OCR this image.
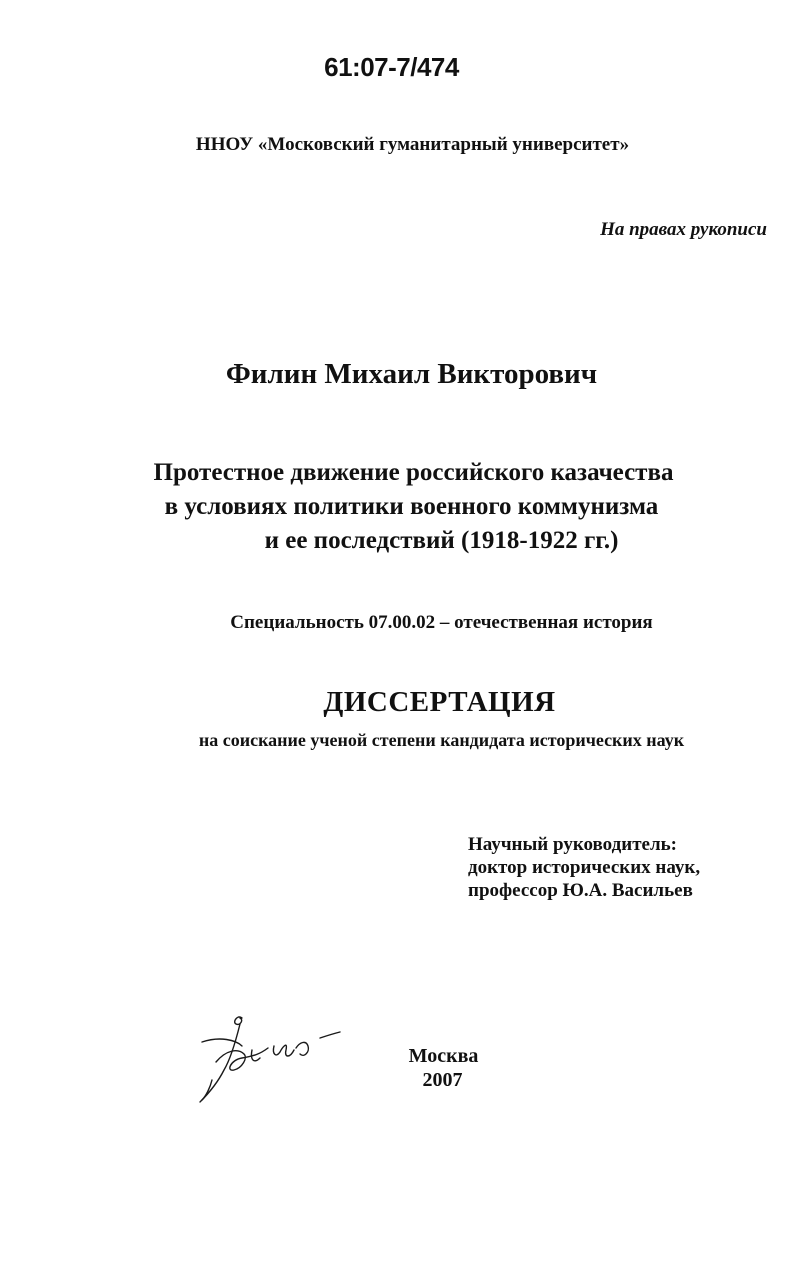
61:07-7/474
ННОУ «Московский гуманитарный университет»
На правах рукописи
Филин Михаил Викторович
Протестное движение российского казачества
в условиях политики военного коммунизма
и ее последствий (1918-1922 гг.)
Специальность 07.00.02 – отечественная история
ДИССЕРТАЦИЯ
на соискание ученой степени кандидата исторических наук
Научный руководитель:
доктор исторических наук,
профессор Ю.А. Васильев
Москва
2007
